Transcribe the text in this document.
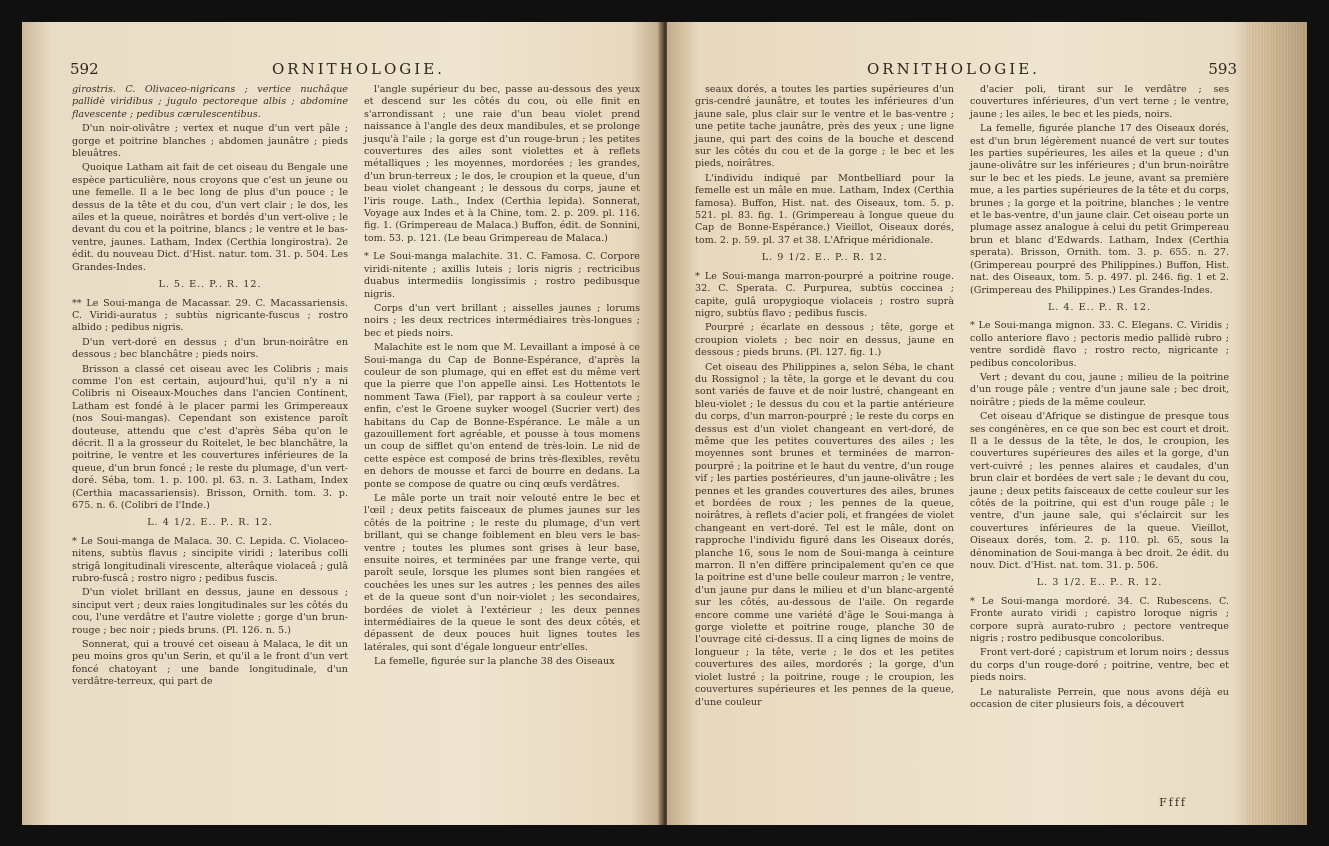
592	ORNITHOLOGIE.

girostris. C. Olivaceo-nigricans ; vertice nuchâque pallidè viridibus ; jugulo pectoreque albis ; abdomine flavescente ; pedibus cærulescentibus.

D'un noir-olivâtre ; vertex et nuque d'un vert pâle ; gorge et poitrine blanches ; abdomen jaunâtre ; pieds bleuâtres.

Quoique Latham ait fait de cet oiseau du Bengale une espèce particulière, nous croyons que c'est un jeune ou une femelle. Il a le bec long de plus d'un pouce ; le dessus de la tête et du cou, d'un vert clair ; le dos, les ailes et la queue, noirâtres et bordés d'un vert-olive ; le devant du cou et la poitrine, blancs ; le ventre et le bas-ventre, jaunes. Latham, Index (Certhia longirostra). 2e édit. du nouveau Dict. d'Hist. natur. tom. 31. p. 504. Les Grandes-Indes.

L. 5. E.. P.. R. 12.

** Le Soui-manga de Macassar. 29. C. Macassariensis. C. Viridi-auratus ; subtùs nigricante-fuscus ; rostro albido ; pedibus nigris.

D'un vert-doré en dessus ; d'un brun-noirâtre en dessous ; bec blanchâtre ; pieds noirs.

Brisson a classé cet oiseau avec les Colibris ; mais comme l'on est certain, aujourd'hui, qu'il n'y a ni Colibris ni Oiseaux-Mouches dans l'ancien Continent, Latham est fondé à le placer parmi les Grimpereaux (nos Soui-mangas). Cependant son existence paroît douteuse, attendu que c'est d'après Séba qu'on le décrit. Il a la grosseur du Roitelet, le bec blanchâtre, la poitrine, le ventre et les couvertures inférieures de la queue, d'un brun foncé ; le reste du plumage, d'un vert-doré. Séba, tom. 1. p. 100. pl. 63. n. 3. Latham, Index (Certhia macassariensis). Brisson, Ornith. tom. 3. p. 675. n. 6. (Colibri de l'Inde.)

L. 4 1/2. E.. P.. R. 12.

* Le Soui-manga de Malaca. 30. C. Lepida. C. Violaceo-nitens, subtùs flavus ; sincipite viridi ; lateribus colli strigâ longitudinali virescente, alterâque violaceâ ; gulâ rubro-fuscâ ; rostro nigro ; pedibus fuscis.

D'un violet brillant en dessus, jaune en dessous ; sinciput vert ; deux raies longitudinales sur les côtés du cou, l'une verdâtre et l'autre violette ; gorge d'un brun-rouge ; bec noir ; pieds bruns. (Pl. 126. n. 5.)

Sonnerat, qui a trouvé cet oiseau à Malaca, le dit un peu moins gros qu'un Serin, et qu'il a le front d'un vert foncé chatoyant ; une bande longitudinale, d'un verdâtre-terreux, qui part de

l'angle supérieur du bec, passe au-dessous des yeux et descend sur les côtés du cou, où elle finit en s'arrondissant ; une raie d'un beau violet prend naissance à l'angle des deux mandibules, et se prolonge jusqu'à l'aile ; la gorge est d'un rouge-brun ; les petites couvertures des ailes sont violettes et à reflets métalliques ; les moyennes, mordorées ; les grandes, d'un brun-terreux ; le dos, le croupion et la queue, d'un beau violet changeant ; le dessous du corps, jaune et l'iris rouge. Lath., Index (Certhia lepida). Sonnerat, Voyage aux Indes et à la Chine, tom. 2. p. 209. pl. 116. fig. 1. (Grimpereau de Malaca.) Buffon, édit. de Sonnini, tom. 53. p. 121. (Le beau Grimpereau de Malaca.)

* Le Soui-manga malachite. 31. C. Famosa. C. Corpore viridi-nitente ; axillis luteis ; loris nigris ; rectricibus duabus intermediis longissimis ; rostro pedibusque nigris.

Corps d'un vert brillant ; aisselles jaunes ; lorums noirs ; les deux rectrices intermédiaires très-longues ; bec et pieds noirs.

Malachite est le nom que M. Levaillant a imposé à ce Soui-manga du Cap de Bonne-Espérance, d'après la couleur de son plumage, qui en effet est du même vert que la pierre que l'on appelle ainsi. Les Hottentots le nomment Tawa (Fiel), par rapport à sa couleur verte ; enfin, c'est le Groene suyker woogel (Sucrier vert) des habitans du Cap de Bonne-Espérance. Le mâle a un gazouillement fort agréable, et pousse à tous momens un coup de sifflet qu'on entend de très-loin. Le nid de cette espèce est composé de brins très-flexibles, revêtu en dehors de mousse et farci de bourre en dedans. La ponte se compose de quatre ou cinq œufs verdâtres.

Le mâle porte un trait noir velouté entre le bec et l'œil ; deux petits faisceaux de plumes jaunes sur les côtés de la poitrine ; le reste du plumage, d'un vert brillant, qui se change foiblement en bleu vers le bas-ventre ; toutes les plumes sont grises à leur base, ensuite noires, et terminées par une frange verte, qui paroît seule, lorsque les plumes sont bien rangées et couchées les unes sur les autres ; les pennes des ailes et de la queue sont d'un noir-violet ; les secondaires, bordées de violet à l'extérieur ; les deux pennes intermédiaires de la queue le sont des deux côtés, et dépassent de deux pouces huit lignes toutes les latérales, qui sont d'égale longueur entr'elles.

La femelle, figurée sur la planche 38 des Oiseaux

ORNITHOLOGIE.	593

seaux dorés, a toutes les parties supérieures d'un gris-cendré jaunâtre, et toutes les inférieures d'un jaune sale, plus clair sur le ventre et le bas-ventre ; une petite tache jaunâtre, près des yeux ; une ligne jaune, qui part des coins de la bouche et descend sur les côtés du cou et de la gorge ; le bec et les pieds, noirâtres.

L'individu indiqué par Montbelliard pour la femelle est un mâle en mue. Latham, Index (Certhia famosa). Buffon, Hist. nat. des Oiseaux, tom. 5. p. 521. pl. 83. fig. 1. (Grimpereau à longue queue du Cap de Bonne-Espérance.) Vieillot, Oiseaux dorés, tom. 2. p. 59. pl. 37 et 38. L'Afrique méridionale.

L. 9 1/2. E.. P.. R. 12.

* Le Soui-manga marron-pourpré a poitrine rouge. 32. C. Sperata. C. Purpurea, subtùs coccinea ; capite, gulâ uropygioque violaceis ; rostro suprà nigro, subtùs flavo ; pedibus fuscis.

Pourpré ; écarlate en dessous ; tête, gorge et croupion violets ; bec noir en dessus, jaune en dessous ; pieds bruns. (Pl. 127. fig. 1.)

Cet oiseau des Philippines a, selon Séba, le chant du Rossignol ; la tête, la gorge et le devant du cou sont variés de fauve et de noir lustré, changeant en bleu-violet ; le dessus du cou et la partie antérieure du corps, d'un marron-pourpré ; le reste du corps en dessus est d'un violet changeant en vert-doré, de même que les petites couvertures des ailes ; les moyennes sont brunes et terminées de marron-pourpré ; la poitrine et le haut du ventre, d'un rouge vif ; les parties postérieures, d'un jaune-olivâtre ; les pennes et les grandes couvertures des ailes, brunes et bordées de roux ; les pennes de la queue, noirâtres, à reflets d'acier poli, et frangées de violet changeant en vert-doré. Tel est le mâle, dont on rapproche l'individu figuré dans les Oiseaux dorés, planche 16, sous le nom de Soui-manga à ceinture marron. Il n'en diffère principalement qu'en ce que la poitrine est d'une belle couleur marron ; le ventre, d'un jaune pur dans le milieu et d'un blanc-argenté sur les côtés, au-dessous de l'aile. On regarde encore comme une variété d'âge le Soui-manga à gorge violette et poitrine rouge, planche 30 de l'ouvrage cité ci-dessus. Il a cinq lignes de moins de longueur ; la tête, verte ; le dos et les petites couvertures des ailes, mordorés ; la gorge, d'un violet lustré ; la poitrine, rouge ; le croupion, les couvertures supérieures et les pennes de la queue, d'une couleur

d'acier poli, tirant sur le verdâtre ; ses couvertures inférieures, d'un vert terne ; le ventre, jaune ; les ailes, le bec et les pieds, noirs.

La femelle, figurée planche 17 des Oiseaux dorés, est d'un brun légèrement nuancé de vert sur toutes les parties supérieures, les ailes et la queue ; d'un jaune-olivâtre sur les inférieures ; d'un brun-noirâtre sur le bec et les pieds. Le jeune, avant sa première mue, a les parties supérieures de la tête et du corps, brunes ; la gorge et la poitrine, blanches ; le ventre et le bas-ventre, d'un jaune clair. Cet oiseau porte un plumage assez analogue à celui du petit Grimpereau brun et blanc d'Edwards. Latham, Index (Certhia sperata). Brisson, Ornith. tom. 3. p. 655. n. 27. (Grimpereau pourpré des Philippines.) Buffon, Hist. nat. des Oiseaux, tom. 5. p. 497. pl. 246. fig. 1 et 2. (Grimpereau des Philippines.) Les Grandes-Indes.

L. 4. E.. P.. R. 12.

* Le Soui-manga mignon. 33. C. Elegans. C. Viridis ; collo anteriore flavo ; pectoris medio pallidè rubro ; ventre sordidè flavo ; rostro recto, nigricante ; pedibus concoloribus.

Vert ; devant du cou, jaune ; milieu de la poitrine d'un rouge pâle ; ventre d'un jaune sale ; bec droit, noirâtre ; pieds de la même couleur.

Cet oiseau d'Afrique se distingue de presque tous ses congénères, en ce que son bec est court et droit. Il a le dessus de la tête, le dos, le croupion, les couvertures supérieures des ailes et la gorge, d'un vert-cuivré ; les pennes alaires et caudales, d'un brun clair et bordées de vert sale ; le devant du cou, jaune ; deux petits faisceaux de cette couleur sur les côtés de la poitrine, qui est d'un rouge pâle ; le ventre, d'un jaune sale, qui s'éclaircit sur les couvertures inférieures de la queue. Vieillot, Oiseaux dorés, tom. 2. p. 110. pl. 65, sous la dénomination de Soui-manga à bec droit. 2e édit. du nouv. Dict. d'Hist. nat. tom. 31. p. 506.

L. 3 1/2. E.. P.. R. 12.

* Le Soui-manga mordoré. 34. C. Rubescens. C. Fronte aurato viridi ; capistro loroque nigris ; corpore suprà aurato-rubro ; pectore ventreque nigris ; rostro pedibusque concoloribus.

Front vert-doré ; capistrum et lorum noirs ; dessus du corps d'un rouge-doré ; poitrine, ventre, bec et pieds noirs.

Le naturaliste Perrein, que nous avons déjà eu occasion de citer plusieurs fois, a découvert

Ffff
